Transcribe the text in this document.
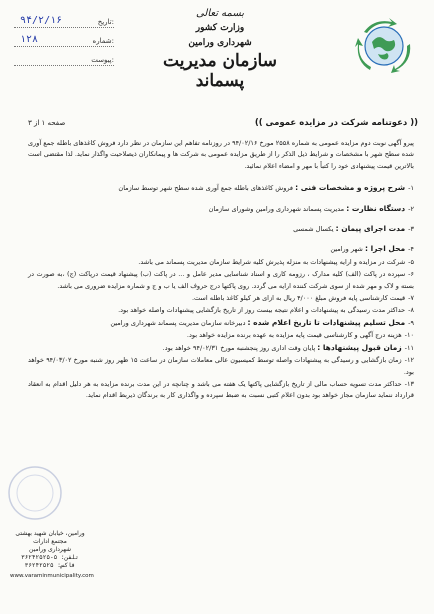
۹۴/۲/۱۶	تاریخ:
۱۲۸	شماره:
پیوست:
بسمه تعالی
وزارت کشور
شهرداری ورامین
سازمان مدیریت پسماند
(( دعوتنامه شرکت در مزایده عمومی ))
صفحه ۱ از ۳

پیرو آگهی نوبت دوم مزایده عمومی به شماره ۲۵۵۸ مورخ ۹۴/۰۲/۱۶ در روزنامه تفاهم این سازمان در نظر دارد فروش کاغذهای باطله جمع آوری شده سطح شهر با مشخصات و شرایط ذیل الذکر را از طریق مزایده عمومی به شرکت ها و پیمانکاران ذیصلاحیت واگذار نماید. لذا مقتضی است بالاترین قیمت پیشنهادی خود را کتباً با مهر و امضاء اعلام نمائید.

۱-شرح پروژه و مشخصات فنی : فروش کاغذهای باطله جمع آوری شده سطح شهر توسط سازمان

۲-دستگاه نظارت : مدیریت پسماند شهرداری ورامین وشورای سازمان

۳-مدت اجرای پیمان : یکسال شمسی

۴-محل اجرا : شهر ورامین

۵-شرکت در مزایده و ارایه پیشنهادات به منزله پذیرش کلیه شرایط سازمان مدیریت پسماند می باشد.

۶-سپرده در پاکت (الف) کلیه مدارک ، رزومه کاری و اسناد شناسایی مدیر عامل و ... در پاکت (ب) پیشنهاد قیمت درپاکت (ج) ،به صورت در بسته و لاک و مهر شده از سوی شرکت کننده ارایه می گردد. روی پاکتها درج حروف الف یا ب و ج و شماره مزایده ضروری می باشد.

۷-قیمت کارشناسی پایه فروش مبلغ ۴/۰۰۰ ریال به ازای هر کیلو کاغذ باطله است.

۸-حداکثر مدت رسیدگی به پیشنهادات و اعلام نتیجه بیست روز از تاریخ بازگشایی پیشنهادات واصله خواهد بود.

۹-محل تسلیم پیشنهادات تا تاریخ اعلام شده : دبیرخانه سازمان مدیریت پسماند شهرداری ورامین

۱۰-هزینه درج آگهی و کارشناسی قیمت پایه مزایده به عهده برنده مزایده خواهد بود.

۱۱-زمان قبول پیشنهادها : پایان وقت اداری روز پنجشنبه مورخ ۹۴/۰۲/۳۱ خواهد بود.

۱۲-زمان بازگشایی و رسیدگی به پیشنهادات واصله توسط کمیسیون عالی معاملات سازمان در ساعت ۱۵ ظهر روز شنبه مورخ ۹۴/۰۳/۰۲ خواهد بود.

۱۳-حداکثر مدت تسویه حساب مالی از تاریخ بازگشایی پاکتها یک هفته می باشد و چنانچه در این مدت برنده مزایده به هر دلیل اقدام به انعقاد قرارداد ننماید سازمان مجاز خواهد بود بدون اعلام کتبی نسبت به ضبط سپرده و واگذاری کار به برندگان ذیربط اقدام نماید.

ورامین، خیابان شهید بهشتی
مجتمع ادارات
شهرداری ورامین
تلفن: ۵-۳۶۲۴۲۵۲۵
فاکس: ۳۶۲۴۲۵۲۵
www.varaminmunicipality.com
